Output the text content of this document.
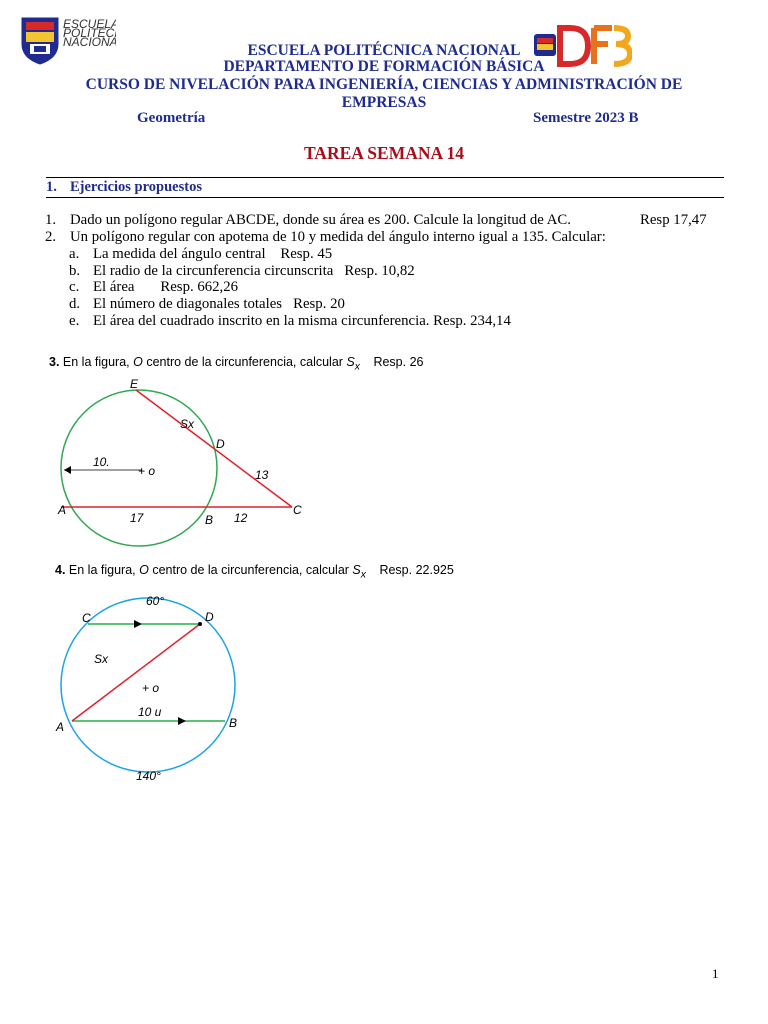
ESCUELA
POLITÉC
NACION	ESCUELA POLITÉCNICA NACIONAL
DEPARTAMENTO DE FORMACIÓN BÁSICA
CURSO DE NIVELACIÓN PARA INGENIERÍA, CIENCIAS Y ADMINISTRACIÓN DE EMPRESAS
Geometría	Semestre 2023 B
TAREA SEMANA 14
1. Ejercicios propuestos
1. Dado un polígono regular ABCDE, donde su área es 200. Calcule la longitud de AC.	Resp 17,47
2. Un polígono regular con apotema de 10 y medida del ángulo interno igual a 135. Calcular:
a. La medida del ángulo central    Resp. 45
b. El radio de la circunferencia circunscrita   Resp. 10,82
c. El área       Resp. 662,26
d. El número de diagonales totales   Resp. 20
e. El área del cuadrado inscrito en la misma circunferencia. Resp. 234,14
3. En la figura, O centro de la circunferencia, calcular $S_x$ Resp. 26
E
Sx
D
10.
+ o	13
A
17	B 12
C
4. En la figura, O centro de la circunferencia, calcular $S_x$ Resp. 22.925
60°
C	D
Sx
+ o
10 u
A	B
140°
1
